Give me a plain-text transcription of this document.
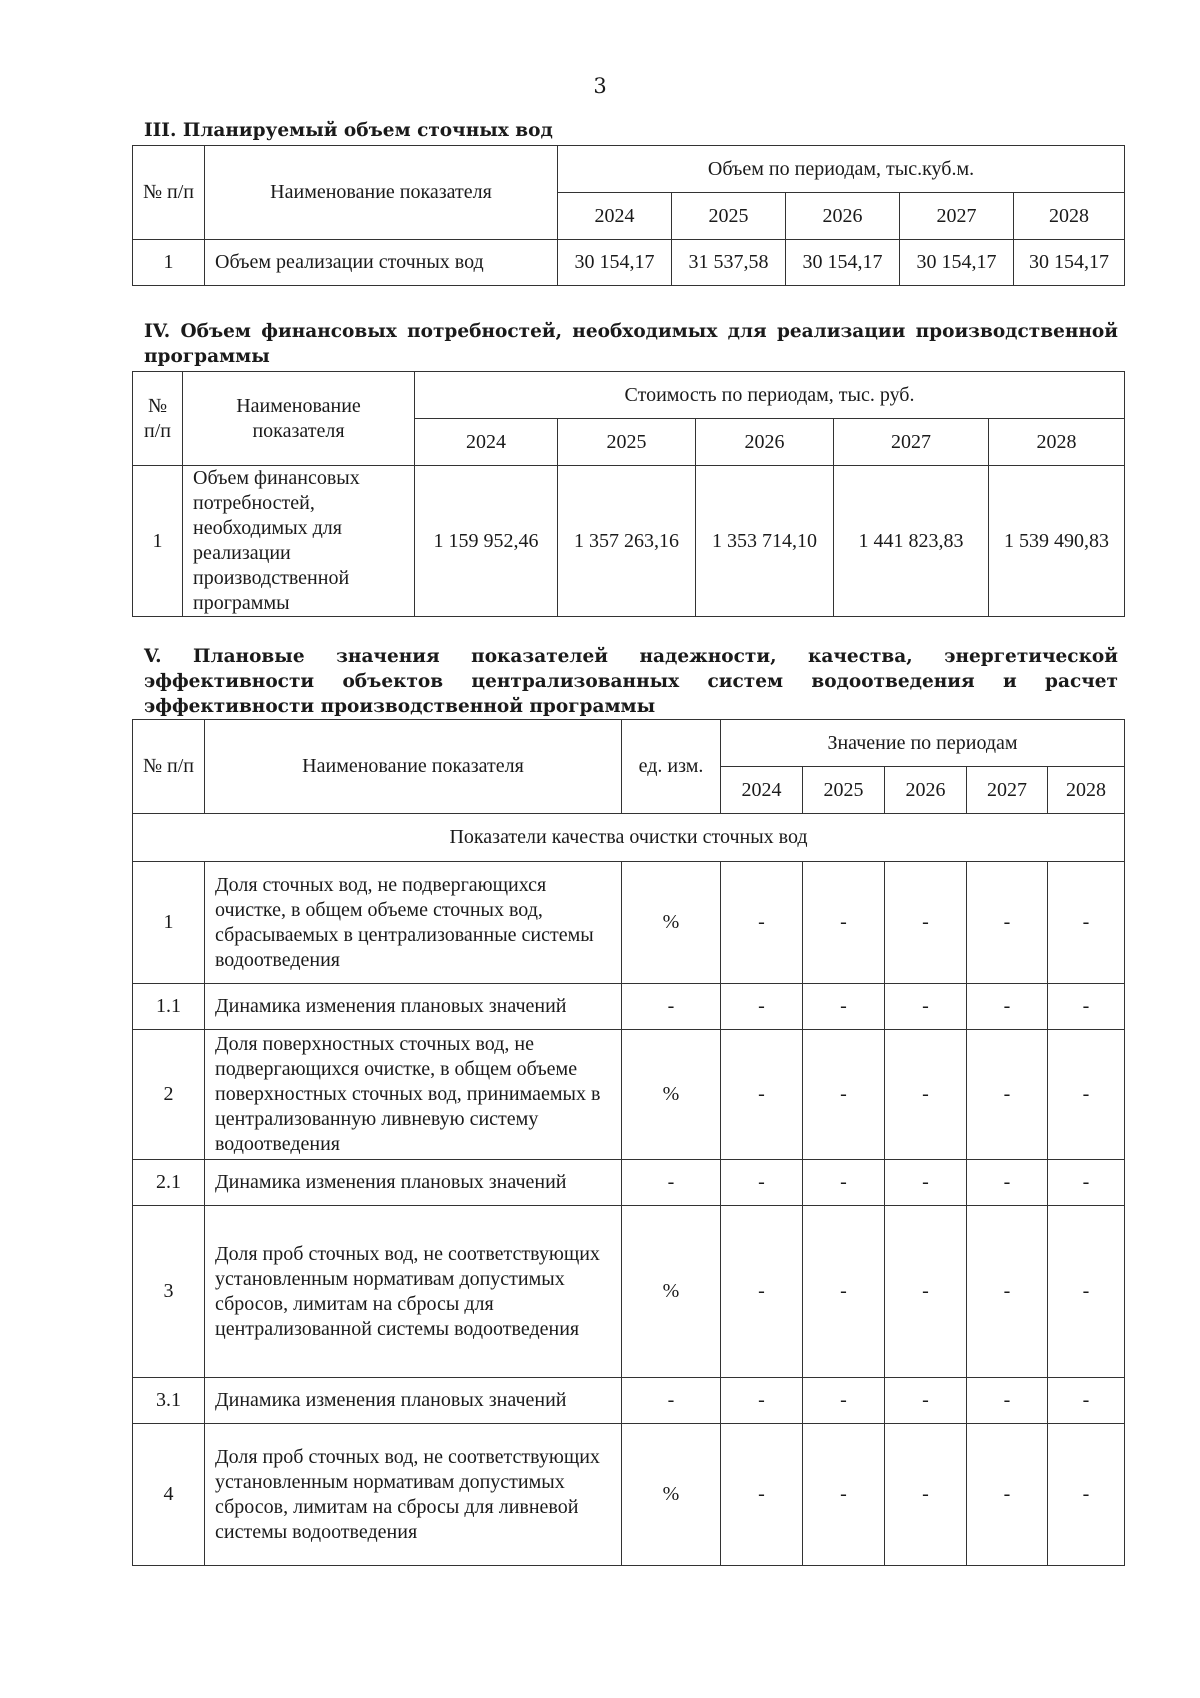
3
III. Планируемый объем сточных вод
№ п/п	Наименование показателя	Объем по периодам, тыс.куб.м.				
		2024	2025	2026	2027	2028
1	Объем реализации сточных вод	30 154,17	31 537,58	30 154,17	30 154,17	30 154,17
IV. Объем финансовых потребностей, необходимых для реализации производственной программы
№ п/п	Наименование показателя	Стоимость по периодам, тыс. руб.				
		2024	2025	2026	2027	2028
1	Объем финансовых потребностей, необходимых для реализации производственной программы	1 159 952,46	1 357 263,16	1 353 714,10	1 441 823,83	1 539 490,83
V. Плановые значения показателей надежности, качества, энергетической эффективности объектов централизованных систем водоотведения и расчет эффективности производственной программы
№ п/п	Наименование показателя	ед. изм.	Значение по периодам				
			2024	2025	2026	2027	2028
Показатели качества очистки сточных вод							
1	Доля сточных вод, не подвергающихся очистке, в общем объеме сточных вод, сбрасываемых в централизованные системы водоотведения	%	-	-	-	-	-
1.1	Динамика изменения плановых значений	-	-	-	-	-	-
2	Доля поверхностных сточных вод, не подвергающихся очистке, в общем объеме поверхностных сточных вод, принимаемых в централизованную ливневую систему водоотведения	%	-	-	-	-	-
2.1	Динамика изменения плановых значений	-	-	-	-	-	-
3	Доля проб сточных вод, не соответствующих установленным нормативам допустимых сбросов, лимитам на сбросы для централизованной системы водоотведения	%	-	-	-	-	-
3.1	Динамика изменения плановых значений	-	-	-	-	-	-
4	Доля проб сточных вод, не соответствующих установленным нормативам допустимых сбросов, лимитам на сбросы для ливневой системы водоотведения	%	-	-	-	-	-
